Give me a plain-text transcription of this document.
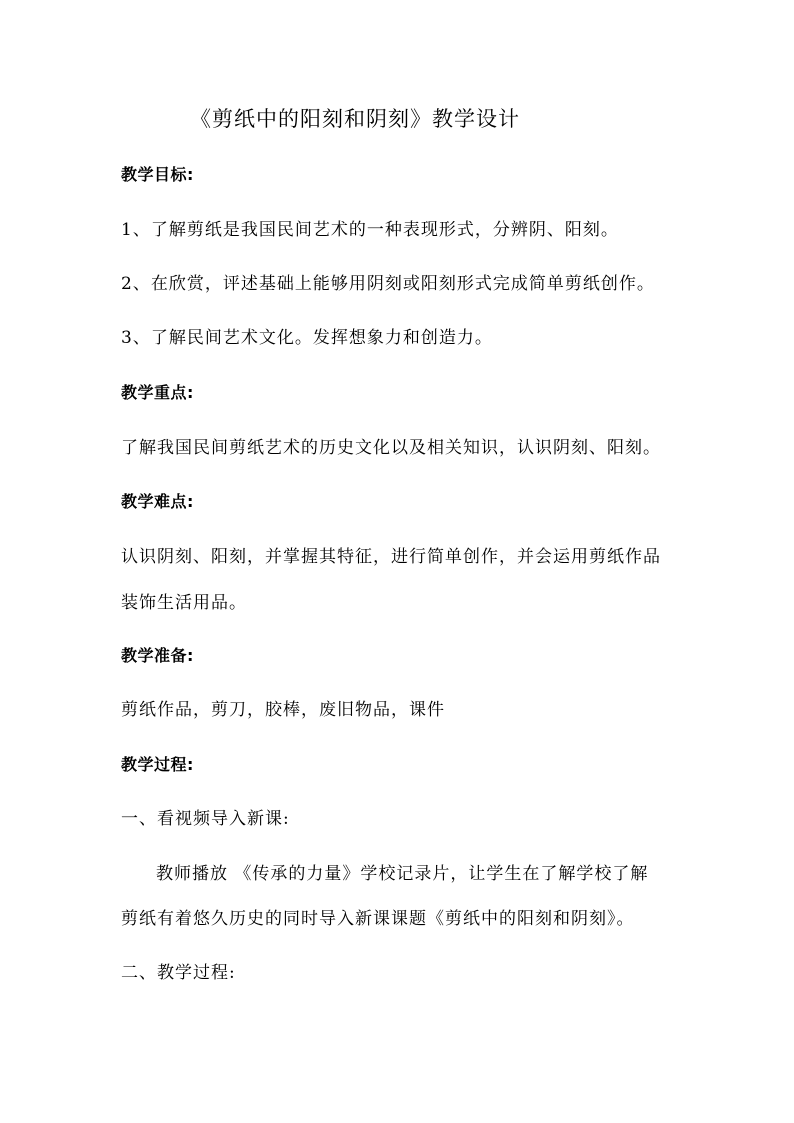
《剪纸中的阳刻和阴刻》教学设计
教学目标:
1、了解剪纸是我国民间艺术的一种表现形式，分辨阴、阳刻。
2、在欣赏，评述基础上能够用阴刻或阳刻形式完成简单剪纸创作。
3、了解民间艺术文化。发挥想象力和创造力。
教学重点:
了解我国民间剪纸艺术的历史文化以及相关知识，认识阴刻、阳刻。
教学难点:
认识阴刻、阳刻，并掌握其特征，进行简单创作，并会运用剪纸作品
装饰生活用品。
教学准备:
剪纸作品，剪刀，胶棒，废旧物品，课件
教学过程:
一、看视频导入新课:
教师播放 《传承的力量》学校记录片，让学生在了解学校了解
剪纸有着悠久历史的同时导入新课课题《剪纸中的阳刻和阴刻》。
二、教学过程:
